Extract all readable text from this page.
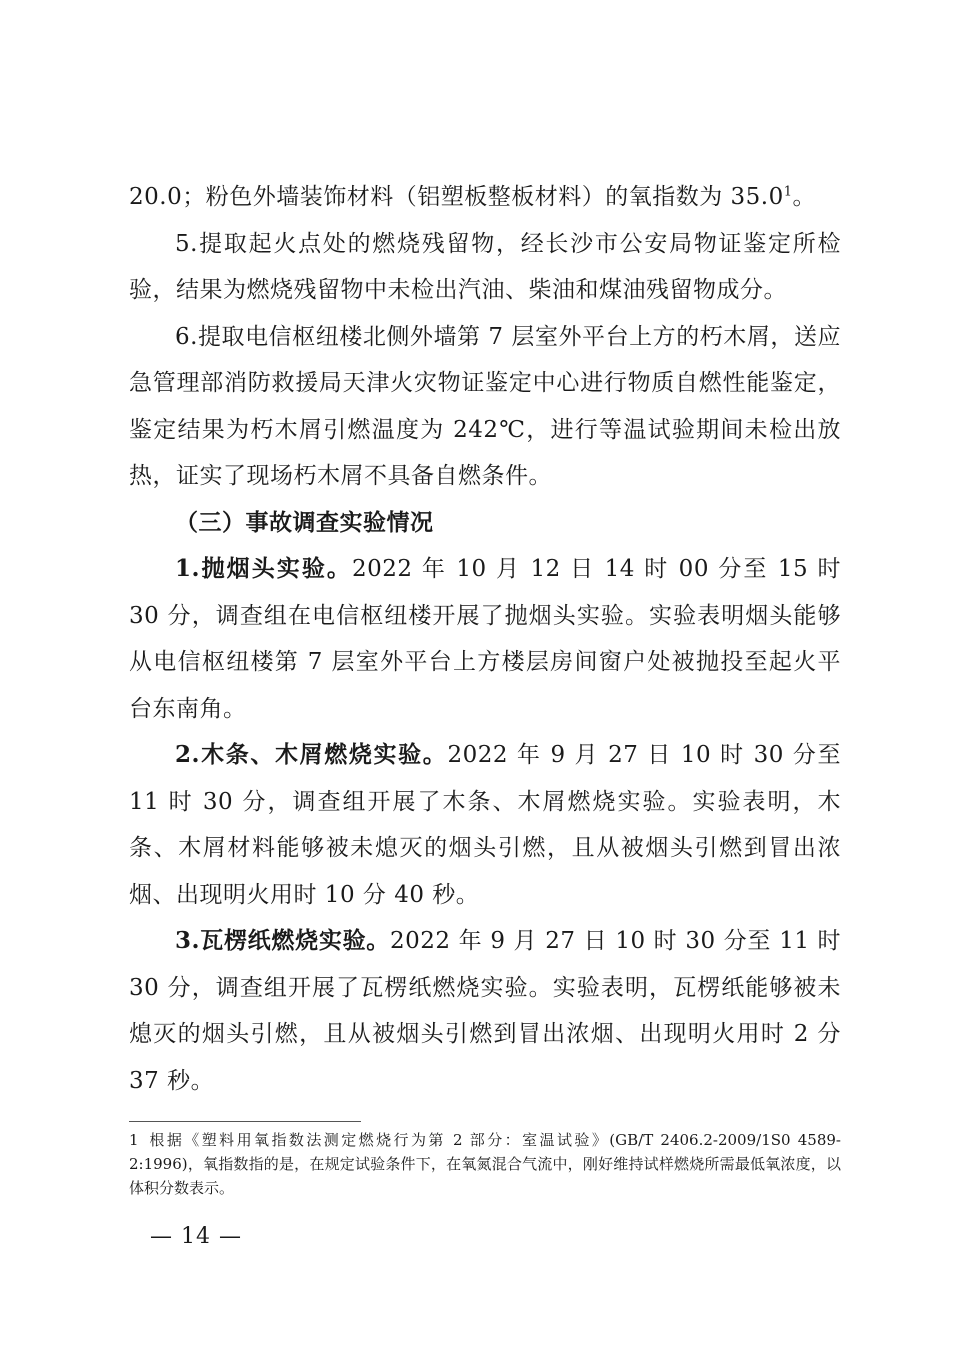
20.0；粉色外墙装饰材料（铝塑板整板材料）的氧指数为 35.0$^1$。

5.提取起火点处的燃烧残留物，经长沙市公安局物证鉴定所检验，结果为燃烧残留物中未检出汽油、柴油和煤油残留物成分。

6.提取电信枢纽楼北侧外墙第 7 层室外平台上方的朽木屑，送应急管理部消防救援局天津火灾物证鉴定中心进行物质自燃性能鉴定，鉴定结果为朽木屑引燃温度为 242℃，进行等温试验期间未检出放热，证实了现场朽木屑不具备自燃条件。

（三）事故调查实验情况

1.抛烟头实验。2022 年 10 月 12 日 14 时 00 分至 15 时 30 分，调查组在电信枢纽楼开展了抛烟头实验。实验表明烟头能够从电信枢纽楼第 7 层室外平台上方楼层房间窗户处被抛投至起火平台东南角。

2.木条、木屑燃烧实验。2022 年 9 月 27 日 10 时 30 分至 11 时 30 分，调查组开展了木条、木屑燃烧实验。实验表明，木条、木屑材料能够被未熄灭的烟头引燃，且从被烟头引燃到冒出浓烟、出现明火用时 10 分 40 秒。

3.瓦楞纸燃烧实验。2022 年 9 月 27 日 10 时 30 分至 11 时 30 分，调查组开展了瓦楞纸燃烧实验。实验表明，瓦楞纸能够被未熄灭的烟头引燃，且从被烟头引燃到冒出浓烟、出现明火用时 2 分 37 秒。

1 根据《塑料用氧指数法测定燃烧行为第 2 部分：室温试验》(GB/T 2406.2-2009/1S0 4589-2:1996)，氧指数指的是，在规定试验条件下，在氧氮混合气流中，刚好维持试样燃烧所需最低氧浓度，以体积分数表示。
— 14 —
